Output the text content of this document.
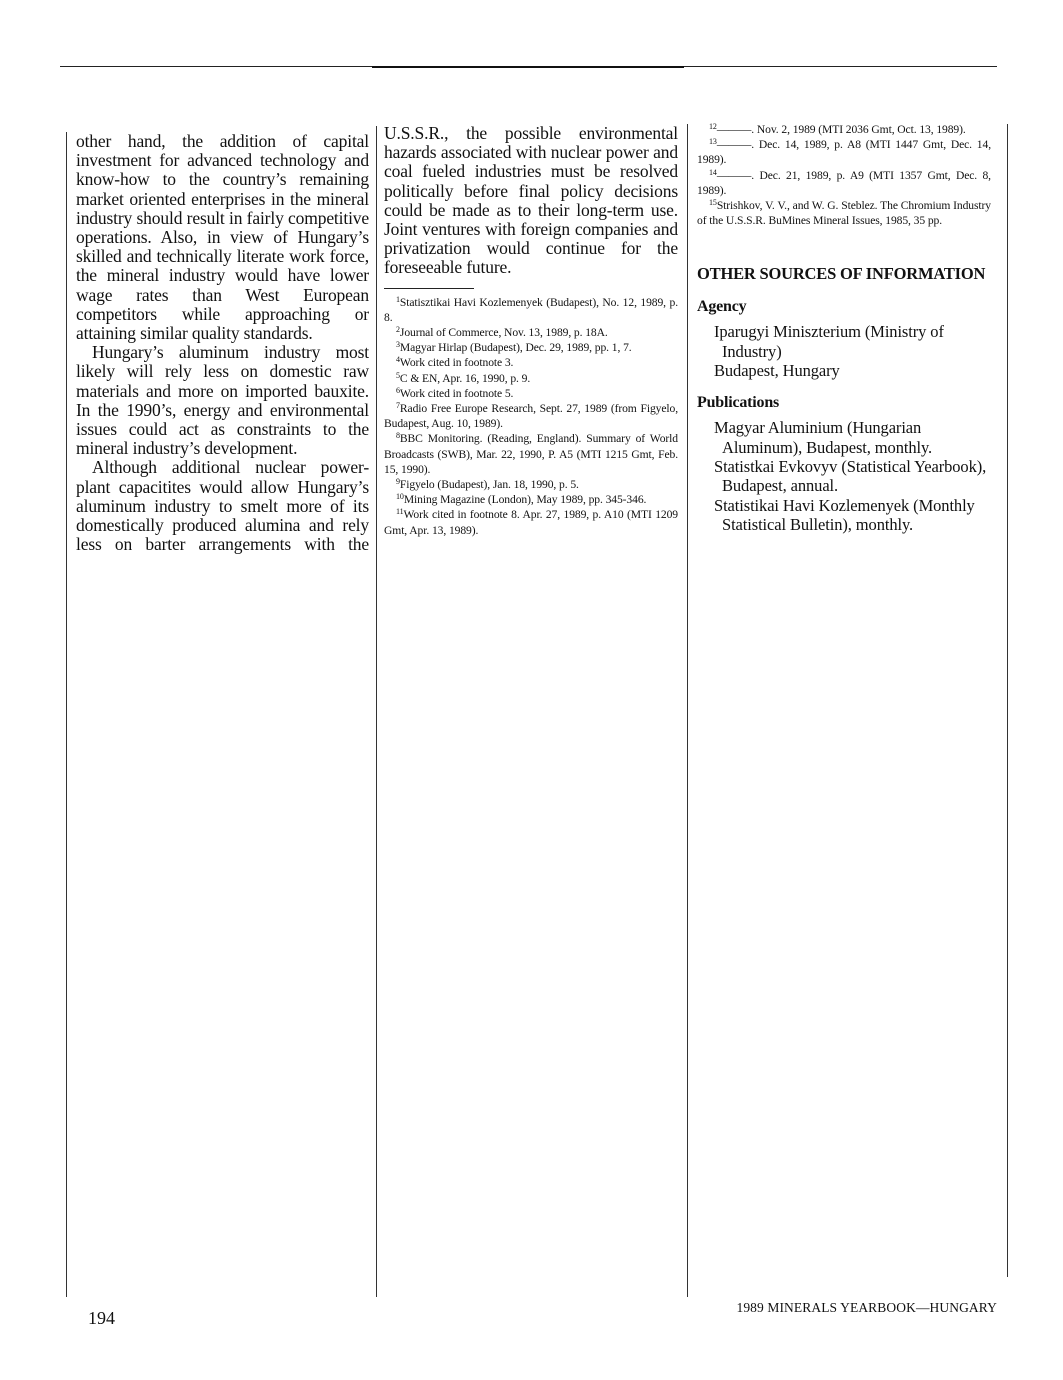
other hand, the addition of capital investment for advanced technology and know-how to the country’s remaining market oriented enterprises in the mineral industry should result in fairly competitive operations. Also, in view of Hungary’s skilled and technically literate work force, the mineral industry would have lower wage rates than West European competitors while approaching or attaining similar quality standards.

Hungary’s aluminum industry most likely will rely less on domestic raw materials and more on imported bauxite. In the 1990’s, energy and environmental issues could act as constraints to the mineral industry’s development.

Although additional nuclear power-plant capacitites would allow Hungary’s aluminum industry to smelt more of its domestically produced alumina and rely less on barter arrangements with the

U.S.S.R., the possible environmental hazards associated with nuclear power and coal fueled industries must be resolved politically before final policy decisions could be made as to their long-term use. Joint ventures with foreign companies and privatization would continue for the foreseeable future.

$^1$Statisztikai Havi Kozlemenyek (Budapest), No. 12, 1989, p. 8.

$^2$Journal of Commerce, Nov. 13, 1989, p. 18A.

$^3$Magyar Hirlap (Budapest), Dec. 29, 1989, pp. 1, 7.

$^4$Work cited in footnote 3.

$^5$C & EN, Apr. 16, 1990, p. 9.

$^6$Work cited in footnote 5.

$^7$Radio Free Europe Research, Sept. 27, 1989 (from Figyelo, Budapest, Aug. 10, 1989).

$^8$BBC Monitoring. (Reading, England). Summary of World Broadcasts (SWB), Mar. 22, 1990, P. A5 (MTI 1215 Gmt, Feb. 15, 1990).

$^9$Figyelo (Budapest), Jan. 18, 1990, p. 5.

$^{10}$Mining Magazine (London), May 1989, pp. 345-346.

$^{11}$Work cited in footnote 8. Apr. 27, 1989, p. A10 (MTI 1209 Gmt, Apr. 13, 1989).

$^{12}$———. Nov. 2, 1989 (MTI 2036 Gmt, Oct. 13, 1989).

$^{13}$———. Dec. 14, 1989, p. A8 (MTI 1447 Gmt, Dec. 14, 1989).

$^{14}$———. Dec. 21, 1989, p. A9 (MTI 1357 Gmt, Dec. 8, 1989).

$^{15}$Strishkov, V. V., and W. G. Steblez. The Chromium Industry of the U.S.S.R. BuMines Mineral Issues, 1985, 35 pp.

OTHER SOURCES OF INFORMATION
Agency
Iparugyi Miniszterium (Ministry of Industry)
Budapest, Hungary
Publications
Magyar Aluminium (Hungarian Aluminum), Budapest, monthly.
Statistkai Evkovyv (Statistical Yearbook), Budapest, annual.
Statistikai Havi Kozlemenyek (Monthly Statistical Bulletin), monthly.
194
1989 MINERALS YEARBOOK—HUNGARY
